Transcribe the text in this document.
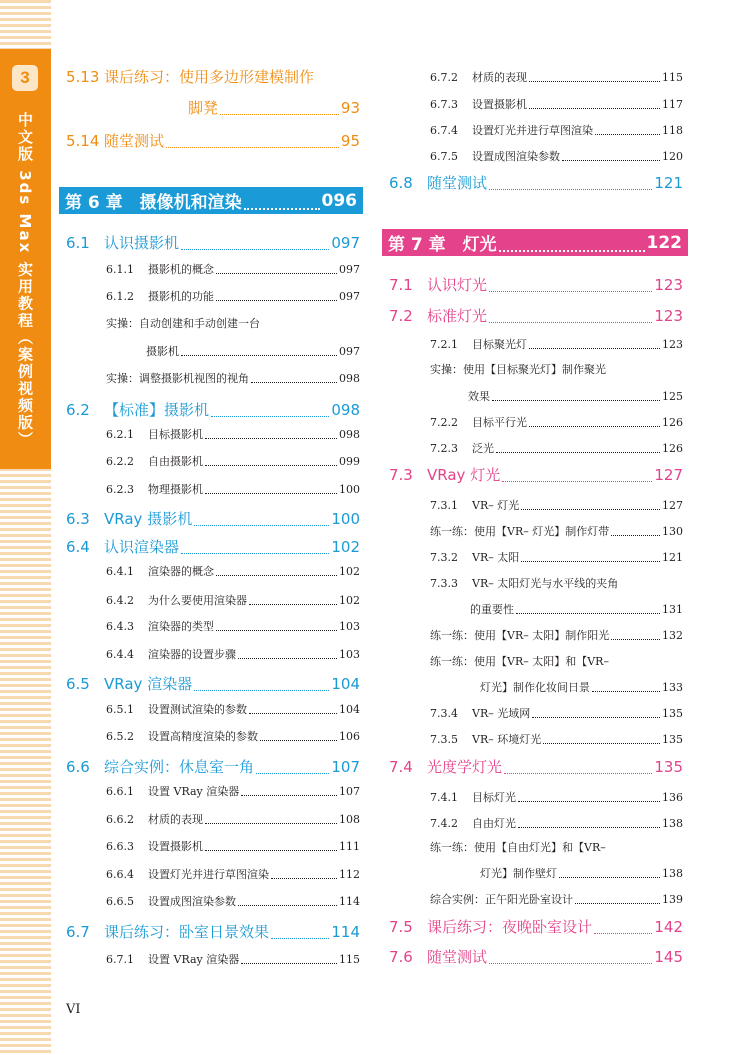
3
中文版 3ds Max 实用教程（案例视频版）
5.13 课后练习：使用多边形建模制作
脚凳	93
5.14 随堂测试	95
第 6 章　摄像机和渲染	096
6.1 认识摄影机	097
6.1.1	摄影机的概念	097
6.1.2	摄影机的功能	097
实操：自动创建和手动创建一台
摄影机	097
实操：调整摄影机视图的视角	098
6.2 【标准】摄影机	098
6.2.1	目标摄影机	098
6.2.2	自由摄影机	099
6.2.3	物理摄影机	100
6.3 VRay 摄影机	100
6.4 认识渲染器	102
6.4.1	渲染器的概念	102
6.4.2	为什么要使用渲染器	102
6.4.3	渲染器的类型	103
6.4.4	渲染器的设置步骤	103
6.5 VRay 渲染器	104
6.5.1	设置测试渲染的参数	104
6.5.2	设置高精度渲染的参数	106
6.6 综合实例：休息室一角	107
6.6.1	设置 VRay 渲染器	107
6.6.2	材质的表现	108
6.6.3	设置摄影机	111
6.6.4	设置灯光并进行草图渲染	112
6.6.5	设置成图渲染参数	114
6.7 课后练习：卧室日景效果	114
6.7.1	设置 VRay 渲染器	115
6.7.2	材质的表现	115
6.7.3	设置摄影机	117
6.7.4	设置灯光并进行草图渲染	118
6.7.5	设置成图渲染参数	120
6.8 随堂测试	121
第 7 章　灯光	122
7.1 认识灯光	123
7.2 标准灯光	123
7.2.1	目标聚光灯	123
实操：使用【目标聚光灯】制作聚光
效果	125
7.2.2	目标平行光	126
7.2.3	泛光	126
7.3 VRay 灯光	127
7.3.1	VR– 灯光	127
练一练：使用【VR– 灯光】制作灯带	130
7.3.2	VR– 太阳	121
7.3.3	VR– 太阳灯光与水平线的夹角
的重要性	131
练一练：使用【VR– 太阳】制作阳光	132
练一练：使用【VR– 太阳】和【VR–
灯光】制作化妆间日景	133
7.3.4	VR– 光域网	135
7.3.5	VR– 环境灯光	135
7.4 光度学灯光	135
7.4.1	目标灯光	136
7.4.2	自由灯光	138
练一练：使用【自由灯光】和【VR–
灯光】制作壁灯	138
综合实例：正午阳光卧室设计	139
7.5 课后练习：夜晚卧室设计	142
7.6 随堂测试	145
VI
